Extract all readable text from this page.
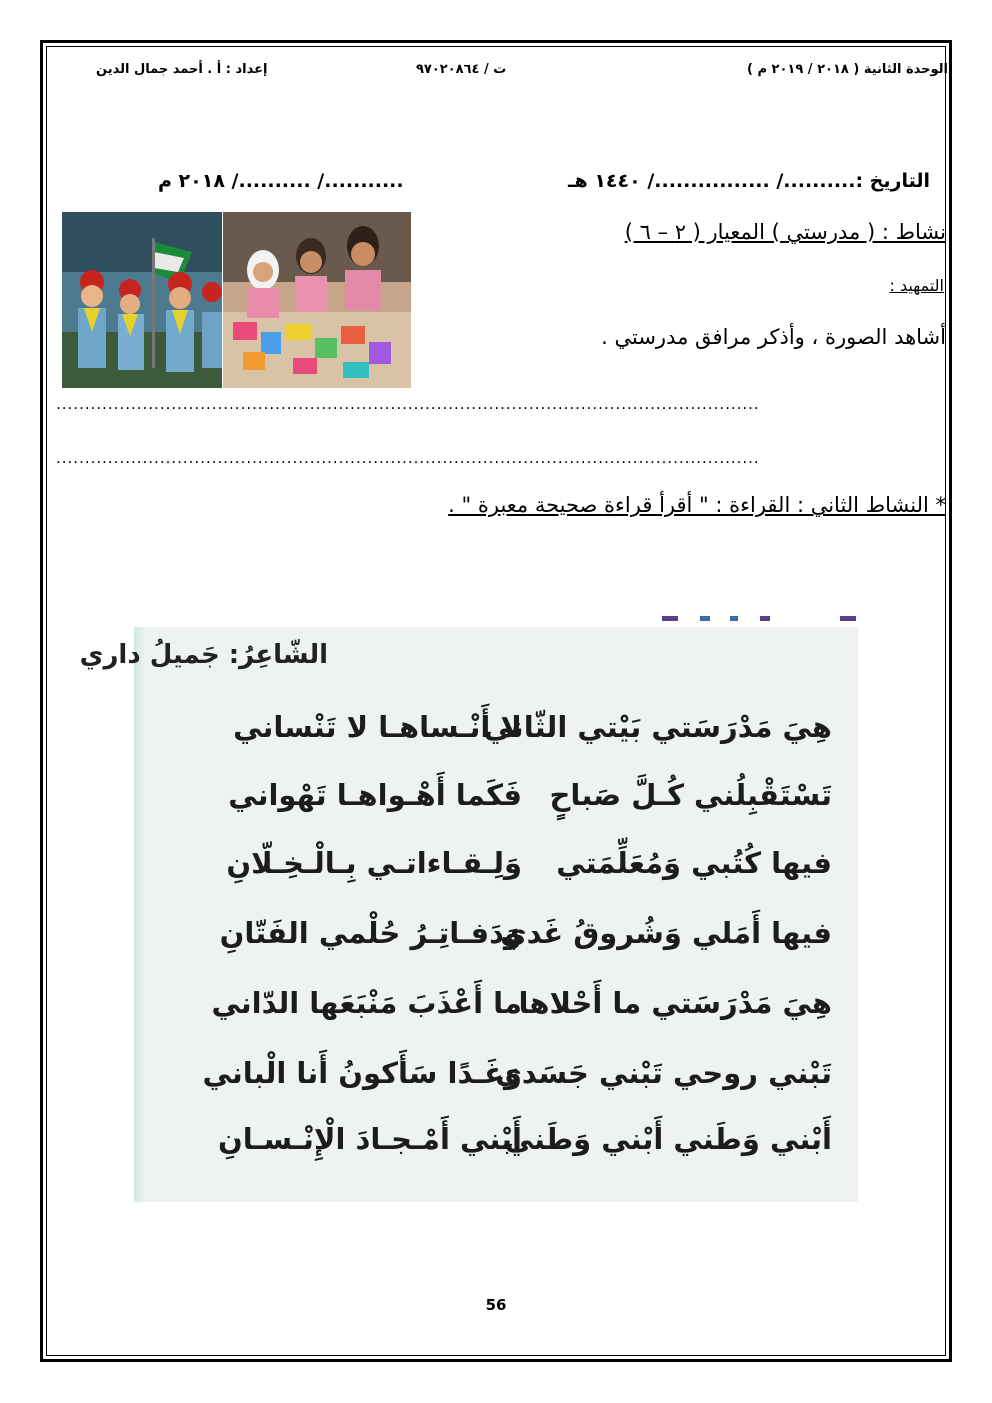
الوحدة الثانية ( ٢٠١٨ / ٢٠١٩ م )
ت / ٩٧٠٢٠٨٦٤
إعداد : أ . أحمد جمال الدين
التاريخ :........../ ................/ ١٤٤٠ هـ
.........../ ........../ ٢٠١٨ م
نشاط : ( مدرستي ) المعيار ( ٢ – ٦ )
التمهيد :
أشاهد الصورة ، وأذكر مرافق مدرستي .
..........................................................................................................................
..........................................................................................................................
* النشاط الثاني : القراءة : " أقرأ قراءة صحيحة معبرة " .
الشّاعِرُ: جَميلُ داري
هِيَ مَدْرَسَتي بَيْتي الثّاني
لا أَنْـساهـا لا تَنْساني
تَسْتَقْبِلُني كُـلَّ صَباحٍ
فَكَما أَهْـواهـا تَهْواني
فيها كُتُبي وَمُعَلِّمَتي
وَلِـقـاءاتـي بِـالْـخِـلّانِ
فيها أَمَلي وَشُروقُ غَدي
وَدَفـاتِـرُ حُلْمي الفَتّانِ
هِيَ مَدْرَسَتي ما أَحْلاها
ما أَعْذَبَ مَنْبَعَها الدّاني
تَبْني روحي تَبْني جَسَدي
وَغَـدًا سَأَكونُ أَنا الْباني
أَبْني وَطَني أَبْني وَطَني
أَبْني أَمْـجـادَ الْإِنْـسـانِ
56
